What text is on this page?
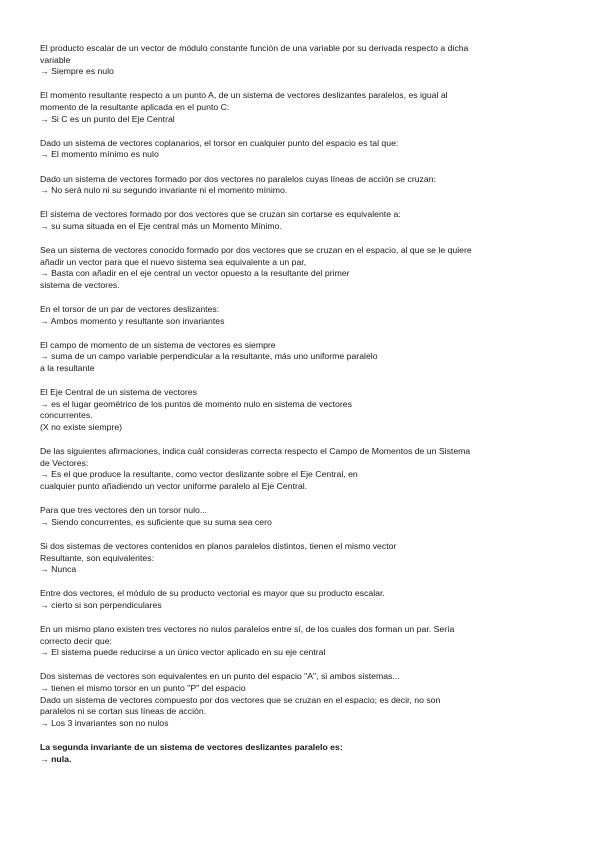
El producto escalar de un vector de módulo constante función de una variable por su derivada respecto a dicha
variable
→ Siempre es nulo
El momento resultante respecto a un punto A, de un sistema de vectores deslizantes paralelos, es igual al
momento de la resultante aplicada en el punto C:
→ Si C es un punto del Eje Central
Dado un sistema de vectores coplanarios, el torsor en cualquier punto del espacio es tal que:
→ El momento mínimo es nulo
Dado un sistema de vectores formado por dos vectores no paralelos cuyas líneas de acción se cruzan:
→ No será nulo ni su segundo invariante ni el momento mínimo.
El sistema de vectores formado por dos vectores que se cruzan sin cortarse es equivalente a:
→ su suma situada en el Eje central más un Momento Mínimo.
Sea un sistema de vectores conocido formado por dos vectores que se cruzan en el espacio, al que se le quiere
añadir un vector para que el nuevo sistema sea equivalente a un par,
→ Basta con añadir en el eje central un vector opuesto a la resultante del primer
sistema de vectores.
En el torsor de un par de vectores deslizantes:
→ Ambos momento y resultante son invariantes
El campo de momento de un sistema de vectores es siempre
→ suma de un campo variable perpendicular a la resultante, más uno uniforme paralelo
a la resultante
El Eje Central de un sistema de vectores
→ es el lugar geométrico de los puntos de momento nulo en sistema de vectores
concurrentes.
(X no existe siempre)
De las siguientes afirmaciones, indica cuál consideras correcta respecto el Campo de Momentos de un Sistema
de Vectores:
→ Es el que produce la resultante, como vector deslizante sobre el Eje Central, en
cualquier punto añadiendo un vector uniforme paralelo al Eje Central.
Para que tres vectores den un torsor nulo...
→ Siendo concurrentes, es suficiente que su suma sea cero
Si dos sistemas de vectores contenidos en planos paralelos distintos, tienen el mismo vector
Resultante, son equivalentes:
→ Nunca
Entre dos vectores, el módulo de su producto vectorial es mayor que su producto escalar.
→ cierto si son perpendiculares
En un mismo plano existen tres vectores no nulos paralelos entre sí, de los cuales dos forman un par. Sería
correcto decir que:
→ El sistema puede reducirse a un único vector aplicado en su eje central
Dos sistemas de vectores son equivalentes en un punto del espacio "A", si ambos sistemas...
→ tienen el mismo torsor en un punto "P" del espacio
Dado un sistema de vectores compuesto por dos vectores que se cruzan en el espacio; es decir, no son
paralelos ni se cortan sus líneas de acción.
→ Los 3 invariantes son no nulos
La segunda invariante de un sistema de vectores deslizantes paralelo es:
→ nula.
